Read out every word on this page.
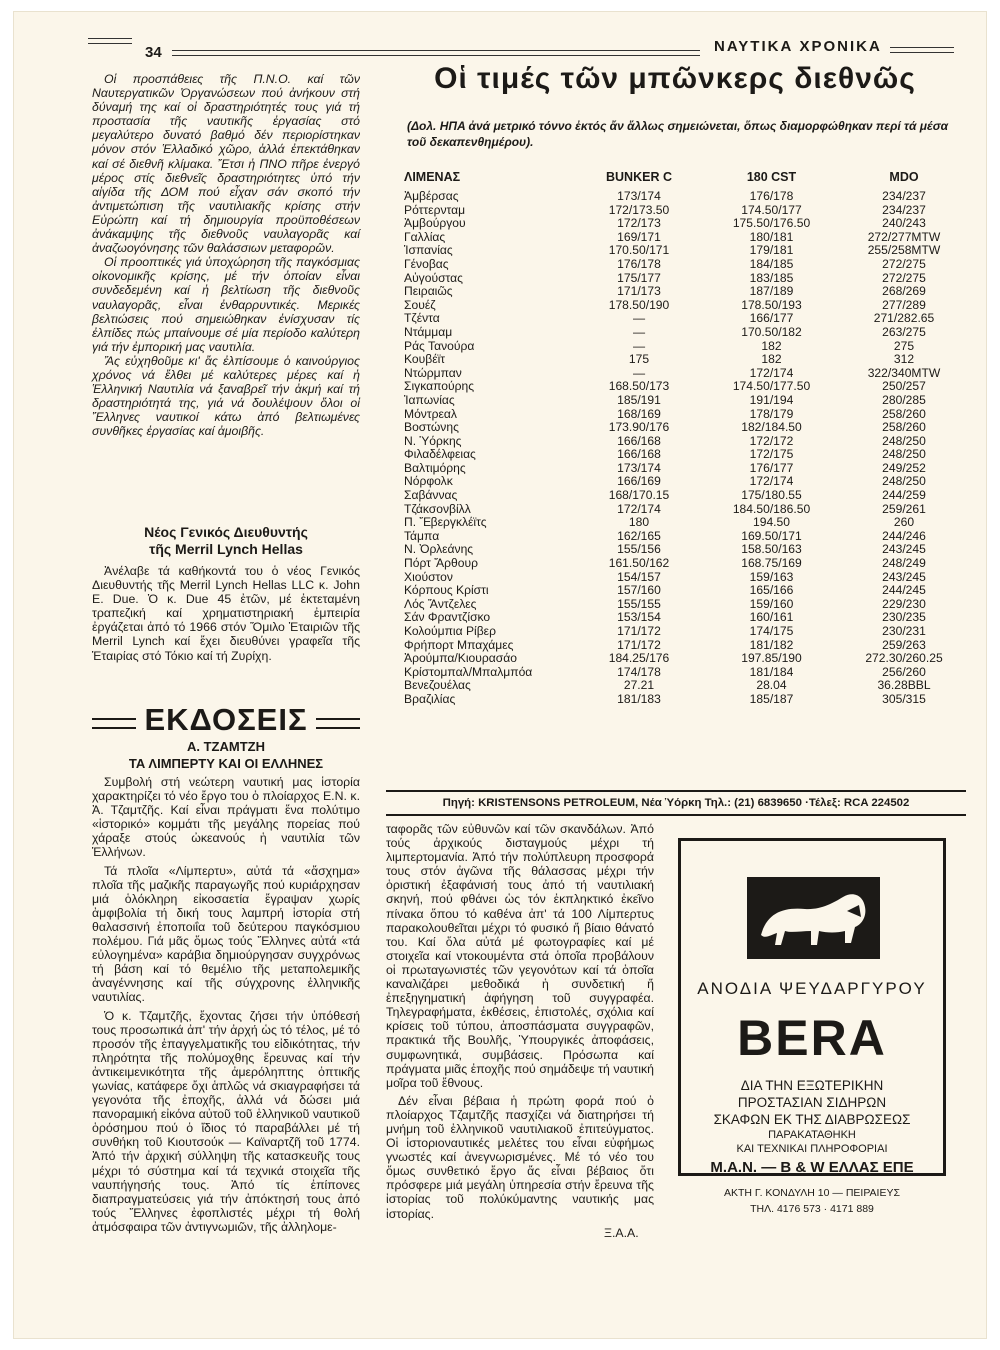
34	ΝΑΥΤΙΚΑ ΧΡΟΝΙΚΑ

Οἱ προσπάθειες τῆς Π.Ν.Ο. καί τῶν Ναυτεργατικῶν Ὀργανώσεων πού ἀνήκουν στή δύναμή της καί οἱ δραστηριότητές τους γιά τή προστασία τῆς ναυτικῆς ἐργασίας στό μεγαλύτερο δυνατό βαθμό δέν περιορίστηκαν μόνον στόν Ἑλλαδικό χῶρο, ἀλλά ἐπεκτάθηκαν καί σέ διεθνῆ κλίμακα. Ἔτσι ἡ ΠΝΟ πῆρε ἐνεργό μέρος στίς διεθνεῖς δραστηριότητες ὑπό τήν αἰγίδα τῆς ΔΟΜ πού εἶχαν σάν σκοπό τήν ἀντιμετώπιση τῆς ναυτιλιακῆς κρίσης στήν Εὐρώπη καί τή δημιουργία προϋποθέσεων ἀνάκαμψης τῆς διεθνοῦς ναυλαγορᾶς καί ἀναζωογόνησης τῶν θαλάσσιων μεταφορῶν.

Οἱ προοπτικές γιά ὑποχώρηση τῆς παγκόσμιας οἰκονομικῆς κρίσης, μέ τήν ὁποίαν εἶναι συνδεδεμένη καί ἡ βελτίωση τῆς διεθνοῦς ναυλαγορᾶς, εἶναι ἐνθαρρυντικές. Μερικές βελτιώσεις πού σημειώθηκαν ἐνίσχυσαν τίς ἐλπίδες πώς μπαίνουμε σέ μία περίοδο καλύτερη γιά τήν ἐμπορική μας ναυτιλία.

Ἄς εὐχηθοῦμε κι' ἄς ἐλπίσουμε ὁ καινούργιος χρόνος νά ἔλθει μέ καλύτερες μέρες καί ἡ Ἑλληνική Ναυτιλία νά ξαναβρεῖ τήν ἀκμή καί τή δραστηριότητά της, γιά νά δουλέψουν ὅλοι οἱ Ἕλληνες ναυτικοί κάτω ἀπό βελτιωμένες συνθῆκες ἐργασίας καί ἀμοιβῆς.

Νέος Γενικός Διευθυντής

τῆς Merril Lynch Hellas

Ἀνέλαβε τά καθήκοντά του ὁ νέος Γενικός Διευθυντής τῆς Merril Lynch Hellas LLC κ. John E. Due. Ὁ κ. Due 45 ἐτῶν, μέ ἐκτεταμένη τραπεζική καί χρηματιστηριακή ἐμπειρία ἐργάζεται ἀπό τό 1966 στόν Ὅμιλο Ἑταιριῶν τῆς Merril Lynch καί ἔχει διευθύνει γραφεῖα τῆς Ἑταιρίας στό Τόκιο καί τή Ζυρίχη.

ΕΚΔΟΣΕΙΣ

Α. ΤΖΑΜΤΖΗ

ΤΑ ΛΙΜΠΕΡΤΥ ΚΑΙ ΟΙ ΕΛΛΗΝΕΣ

Συμβολή στή νεώτερη ναυτική μας ἱστορία χαρακτηρίζει τό νέο ἔργο του ὁ πλοίαρχος Ε.Ν. κ. Ἀ. Τζαμτζῆς. Καί εἶναι πράγματι ἕνα πολύτιμο «ἱστορικό» κομμάτι τῆς μεγάλης πορείας πού χάραξε στούς ὠκεανούς ἡ ναυτιλία τῶν Ἑλλήνων.

Τά πλοῖα «Λίμπερτυ», αὐτά τά «ἄσχημα» πλοῖα τῆς μαζικῆς παραγωγῆς πού κυριάρχησαν μιά ὁλόκληρη εἰκοσαετία ἔγραψαν χωρίς ἀμφιβολία τή δική τους λαμπρή ἱστορία στή θαλασσινή ἐποποιΐα τοῦ δεύτερου παγκόσμιου πολέμου. Γιά μᾶς ὅμως τούς Ἕλληνες αὐτά «τά εὐλογημένα» καράβια δημιούργησαν συγχρόνως τή βάση καί τό θεμέλιο τῆς μεταπολεμικῆς ἀναγέννησης καί τῆς σύγχρονης ἑλληνικῆς ναυτιλίας.

Ὁ κ. Τζαμτζῆς, ἔχοντας ζήσει τήν ὑπόθεσή τους προσωπικά ἀπ' τήν ἀρχή ὡς τό τέλος, μέ τό προσόν τῆς ἐπαγγελματικῆς του εἰδικότητας, τήν πληρότητα τῆς πολύμοχθης ἔρευνας καί τήν ἀντικειμενικότητα τῆς ἀμερόληπτης ὀπτικῆς γωνίας, κατάφερε ὄχι ἁπλῶς νά σκιαγραφήσει τά γεγονότα τῆς ἐποχῆς, ἀλλά νά δώσει μιά πανοραμική εἰκόνα αὐτοῦ τοῦ ἑλληνικοῦ ναυτικοῦ ὁρόσημου πού ὁ ἴδιος τό παραβάλλει μέ τή συνθήκη τοῦ Κιουτσούκ — Καϊναρτζῆ τοῦ 1774. Ἀπό τήν ἀρχική σύλληψη τῆς κατασκευῆς τους μέχρι τό σύστημα καί τά τεχνικά στοιχεῖα τῆς ναυπήγησής τους. Ἀπό τίς ἐπίπονες διαπραγματεύσεις γιά τήν ἀπόκτησή τους ἀπό τούς Ἕλληνες ἐφοπλιστές μέχρι τή θολή ἀτμόσφαιρα τῶν ἀντιγνωμιῶν, τῆς ἀλληλομε-

Οἱ τιμές τῶν μπῶνκερς διεθνῶς
(Δολ. ΗΠΑ ἀνά μετρικό τόννο ἐκτός ἄν ἄλλως σημειώνεται, ὅπως διαμορφώθηκαν περί τά μέσα τοῦ δεκαπενθημέρου).
ΛΙΜΕΝΑΣ	BUNKER C	180 CST	MDO
Ἀμβέρσας	173/174	176/178	234/237
Ρόττερνταμ	172/173.50	174.50/177	234/237
Ἀμβούργου	172/173	175.50/176.50	240/243
Γαλλίας	169/171	180/181	272/277MTW
Ἱσπανίας	170.50/171	179/181	255/258MTW
Γένοβας	176/178	184/185	272/275
Αὐγούστας	175/177	183/185	272/275
Πειραιῶς	171/173	187/189	268/269
Σουέζ	178.50/190	178.50/193	277/289
Τζέντα	—	166/177	271/282.65
Ντάμμαμ	—	170.50/182	263/275
Ράς Τανούρα	—	182	275
Κουβέϊτ	175	182	312
Ντώρμπαν	—	172/174	322/340MTW
Σιγκαπούρης	168.50/173	174.50/177.50	250/257
Ἰαπωνίας	185/191	191/194	280/285
Μόντρεαλ	168/169	178/179	258/260
Βοστώνης	173.90/176	182/184.50	258/260
Ν. Ὑόρκης	166/168	172/172	248/250
Φιλαδέλφειας	166/168	172/175	248/250
Βαλτιμόρης	173/174	176/177	249/252
Νόρφολκ	166/169	172/174	248/250
Σαβάννας	168/170.15	175/180.55	244/259
Τζάκσονβίλλ	172/174	184.50/186.50	259/261
Π. Ἔβεργκλέϊτς	180	194.50	260
Τάμπα	162/165	169.50/171	244/246
Ν. Ὀρλεάνης	155/156	158.50/163	243/245
Πόρτ Ἄρθουρ	161.50/162	168.75/169	248/249
Χιούστον	154/157	159/163	243/245
Κόρπους Κρίστι	157/160	165/166	244/245
Λός Ἄντζελες	155/155	159/160	229/230
Σάν Φραντζίσκο	153/154	160/161	230/235
Κολούμπια Ρίβερ	171/172	174/175	230/231
Φρήπορτ Μπαχάμες	171/172	181/182	259/263
Ἀρούμπα/Κιουρασάο	184.25/176	197.85/190	272.30/260.25
Κρίστομπαλ/Μπαλμπόα	174/178	181/184	256/260
Βενεζουέλας	27.21	28.04	36.28BBL
Βραζιλίας	181/183	185/187	305/315
Πηγή: KRISTENSONS PETROLEUM, Νέα Ὑόρκη Τηλ.: (21) 6839650 ·Τέλεξ: RCA 224502

ταφορᾶς τῶν εὐθυνῶν καί τῶν σκανδάλων. Ἀπό τούς ἀρχικούς δισταγμούς μέχρι τή λιμπερτομανία. Ἀπό τήν πολύπλευρη προσφορά τους στόν ἀγῶνα τῆς θάλασσας μέχρι τήν ὁριστική ἐξαφάνισή τους ἀπό τή ναυτιλιακή σκηνή, πού φθάνει ὡς τόν ἐκπληκτικό ἐκεῖνο πίνακα ὅπου τό καθένα ἀπ' τά 100 Λίμπερτυς παρακολουθεῖται μέχρι τό φυσικό ἤ βίαιο θάνατό του. Καί ὅλα αὐτά μέ φωτογραφίες καί μέ στοιχεῖα καί ντοκουμέντα στά ὁποῖα προβάλουν οἱ πρωταγωνιστές τῶν γεγονότων καί τά ὁποῖα καναλιζάρει μεθοδικά ἡ συνδετική ἤ ἐπεξηγηματική ἀφήγηση τοῦ συγγραφέα. Τηλεγραφήματα, ἐκθέσεις, ἐπιστολές, σχόλια καί κρίσεις τοῦ τύπου, ἀποσπάσματα συγγραφῶν, πρακτικά τῆς Βουλῆς, Ὑπουργικές ἀποφάσεις, συμφωνητικά, συμβάσεις. Πρόσωπα καί πράγματα μιᾶς ἐποχῆς πού σημάδεψε τή ναυτική μοῖρα τοῦ ἔθνους.

Δέν εἶναι βέβαια ἡ πρώτη φορά πού ὁ πλοίαρχος Τζαμτζῆς πασχίζει νά διατηρήσει τή μνήμη τοῦ ἑλληνικοῦ ναυτιλιακοῦ ἐπιτεύγματος. Οἱ ἱστοριοναυτικές μελέτες του εἶναι εὐφήμως γνωστές καί ἀνεγνωρισμένες. Μέ τό νέο του ὅμως συνθετικό ἔργο ἄς εἶναι βέβαιος ὅτι πρόσφερε μιά μεγάλη ὑπηρεσία στήν ἔρευνα τῆς ἱστορίας τοῦ πολύκύμαντης ναυτικής μας ἱστορίας.

Ξ.Α.Α.
ΑΝΟΔΙΑ ΨΕΥΔΑΡΓΥΡΟΥ
BERA
ΔΙΑ ΤΗΝ ΕΞΩΤΕΡΙΚΗΝ
ΠΡΟΣΤΑΣΙΑΝ ΣΙΔΗΡΩΝ
ΣΚΑΦΩΝ ΕΚ ΤΗΣ ΔΙΑΒΡΩΣΕΩΣ
ΠΑΡΑΚΑΤΑΘΗΚΗ
ΚΑΙ ΤΕΧΝΙΚΑΙ ΠΛΗΡΟΦΟΡΙΑΙ
Μ.Α.Ν. — Β & W ΕΛΛΑΣ ΕΠΕ
ΑΚΤΗ Γ. ΚΟΝΔΥΛΗ 10 — ΠΕΙΡΑΙΕΥΣ
ΤΗΛ. 4176 573 · 4171 889
